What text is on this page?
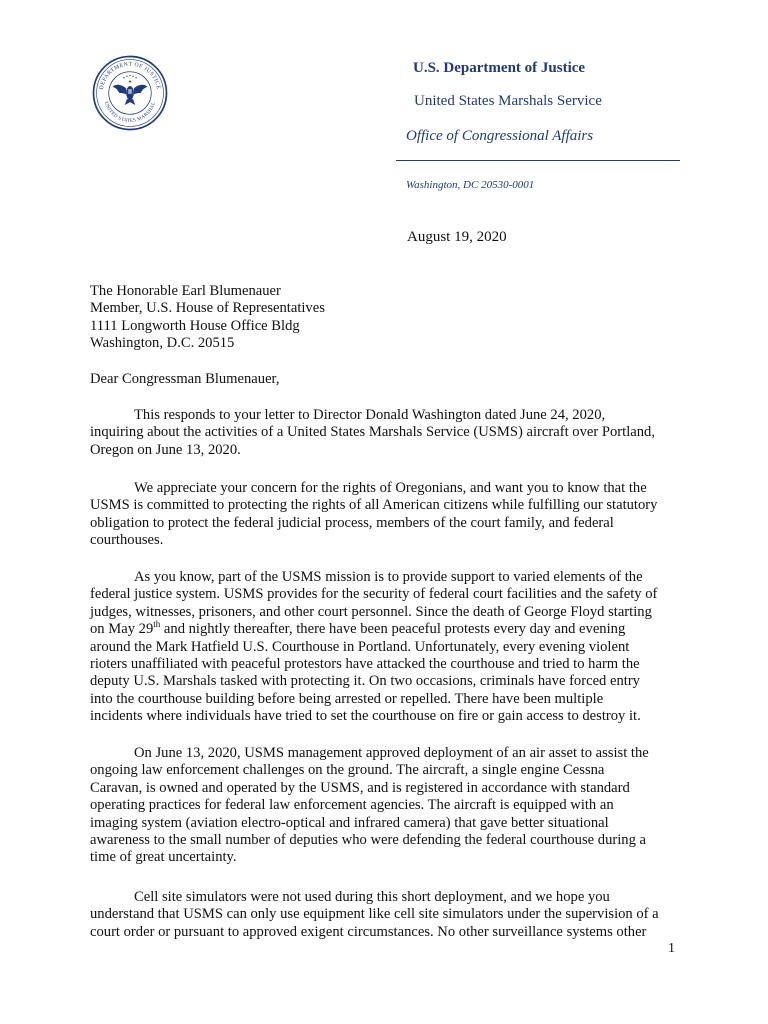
DEPARTMENT OF JUSTICE
UNITED STATES MARSHAL

U.S. Department of Justice

United States Marshals Service

Office of Congressional Affairs

Washington, DC 20530-0001

August 19, 2020

The Honorable Earl Blumenauer
Member, U.S. House of Representatives
1111 Longworth House Office Bldg
Washington, D.C. 20515

Dear Congressman Blumenauer,

This responds to your letter to Director Donald Washington dated June 24, 2020,
inquiring about the activities of a United States Marshals Service (USMS) aircraft over Portland,
Oregon on June 13, 2020.

We appreciate your concern for the rights of Oregonians, and want you to know that the
USMS is committed to protecting the rights of all American citizens while fulfilling our statutory
obligation to protect the federal judicial process, members of the court family, and federal
courthouses.

As you know, part of the USMS mission is to provide support to varied elements of the
federal justice system. USMS provides for the security of federal court facilities and the safety of
judges, witnesses, prisoners, and other court personnel. Since the death of George Floyd starting
on May 29th and nightly thereafter, there have been peaceful protests every day and evening
around the Mark Hatfield U.S. Courthouse in Portland. Unfortunately, every evening violent
rioters unaffiliated with peaceful protestors have attacked the courthouse and tried to harm the
deputy U.S. Marshals tasked with protecting it. On two occasions, criminals have forced entry
into the courthouse building before being arrested or repelled. There have been multiple
incidents where individuals have tried to set the courthouse on fire or gain access to destroy it.

On June 13, 2020, USMS management approved deployment of an air asset to assist the
ongoing law enforcement challenges on the ground. The aircraft, a single engine Cessna
Caravan, is owned and operated by the USMS, and is registered in accordance with standard
operating practices for federal law enforcement agencies. The aircraft is equipped with an
imaging system (aviation electro-optical and infrared camera) that gave better situational
awareness to the small number of deputies who were defending the federal courthouse during a
time of great uncertainty.

Cell site simulators were not used during this short deployment, and we hope you
understand that USMS can only use equipment like cell site simulators under the supervision of a
court order or pursuant to approved exigent circumstances. No other surveillance systems other

1
